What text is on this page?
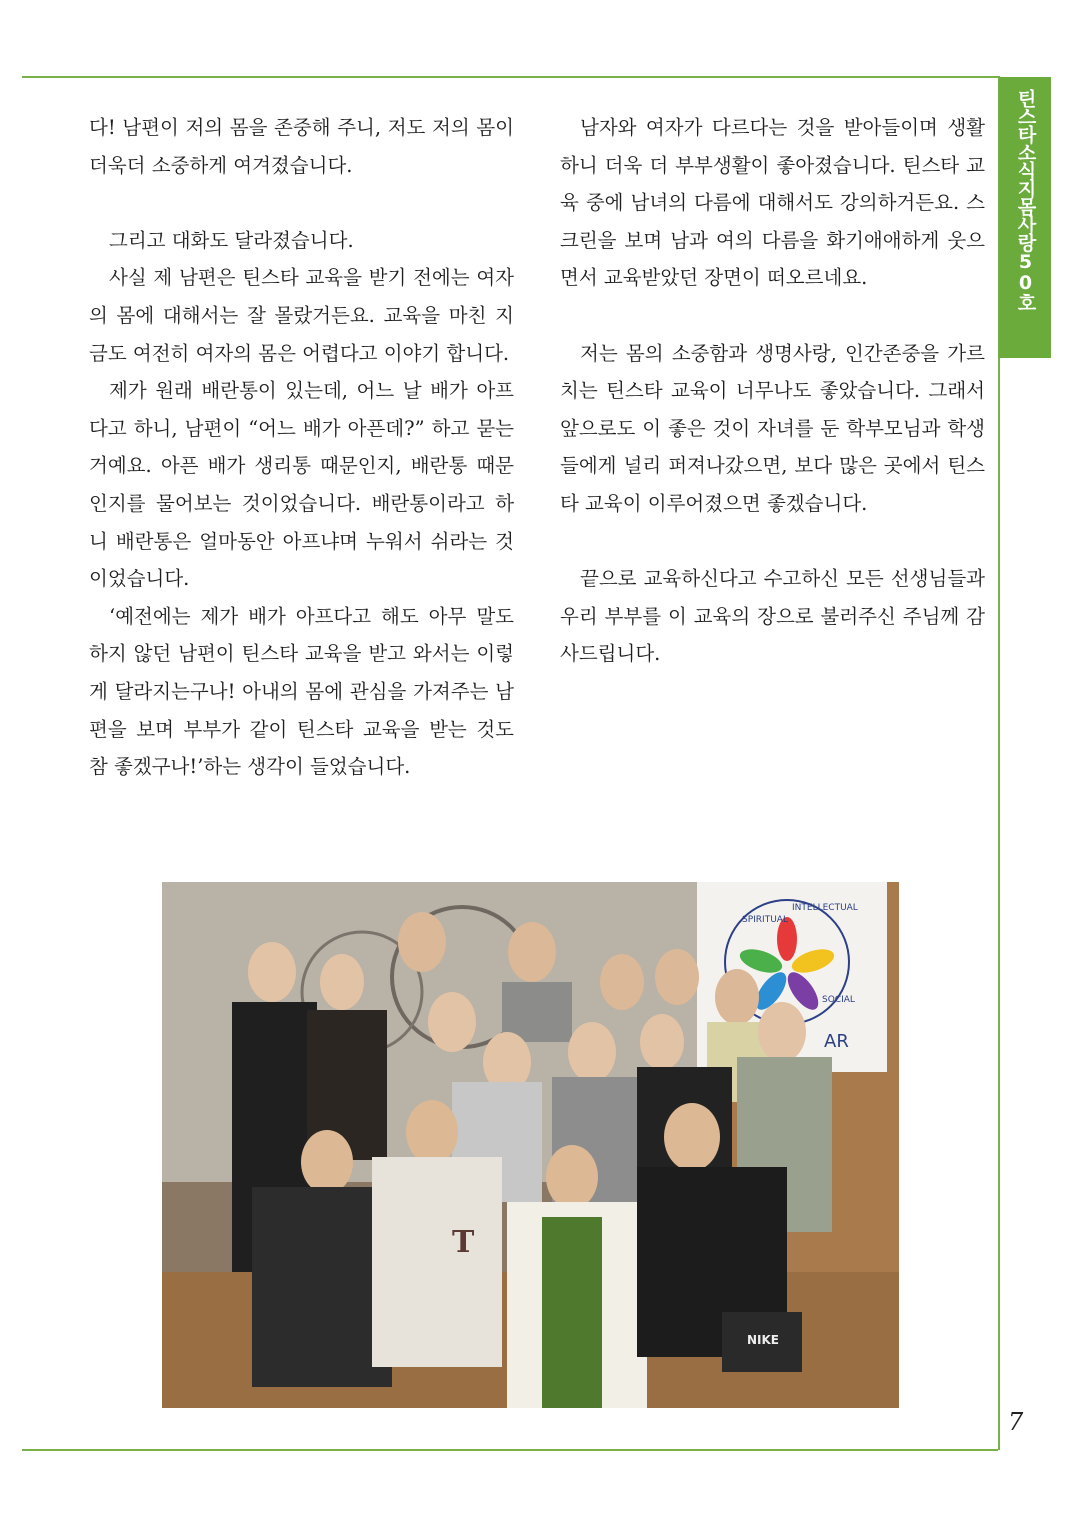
틴스타소식지몸사랑50호

다! 남편이 저의 몸을 존중해 주니, 저도 저의 몸이 더욱더 소중하게 여겨졌습니다.

그리고 대화도 달라졌습니다.

사실 제 남편은 틴스타 교육을 받기 전에는 여자의 몸에 대해서는 잘 몰랐거든요. 교육을 마친 지금도 여전히 여자의 몸은 어렵다고 이야기 합니다.

제가 원래 배란통이 있는데, 어느 날 배가 아프다고 하니, 남편이 “어느 배가 아픈데?” 하고 묻는 거예요. 아픈 배가 생리통 때문인지, 배란통 때문인지를 물어보는 것이었습니다. 배란통이라고 하니 배란통은 얼마동안 아프냐며 누워서 쉬라는 것이었습니다.

‘예전에는 제가 배가 아프다고 해도 아무 말도 하지 않던 남편이 틴스타 교육을 받고 와서는 이렇게 달라지는구나! 아내의 몸에 관심을 가져주는 남편을 보며 부부가 같이 틴스타 교육을 받는 것도 참 좋겠구나!’하는 생각이 들었습니다.

남자와 여자가 다르다는 것을 받아들이며 생활하니 더욱 더 부부생활이 좋아졌습니다. 틴스타 교육 중에 남녀의 다름에 대해서도 강의하거든요. 스크린을 보며 남과 여의 다름을 화기애애하게 웃으면서 교육받았던 장면이 떠오르네요.

저는 몸의 소중함과 생명사랑, 인간존중을 가르치는 틴스타 교육이 너무나도 좋았습니다. 그래서 앞으로도 이 좋은 것이 자녀를 둔 학부모님과 학생들에게 널리 퍼져나갔으면, 보다 많은 곳에서 틴스타 교육이 이루어졌으면 좋겠습니다.

끝으로 교육하신다고 수고하신 모든 선생님들과 우리 부부를 이 교육의 장으로 불러주신 주님께 감사드립니다.

SPIRITUAL
INTELLECTUAL
SOCIAL
AR
T
NIKE
7
